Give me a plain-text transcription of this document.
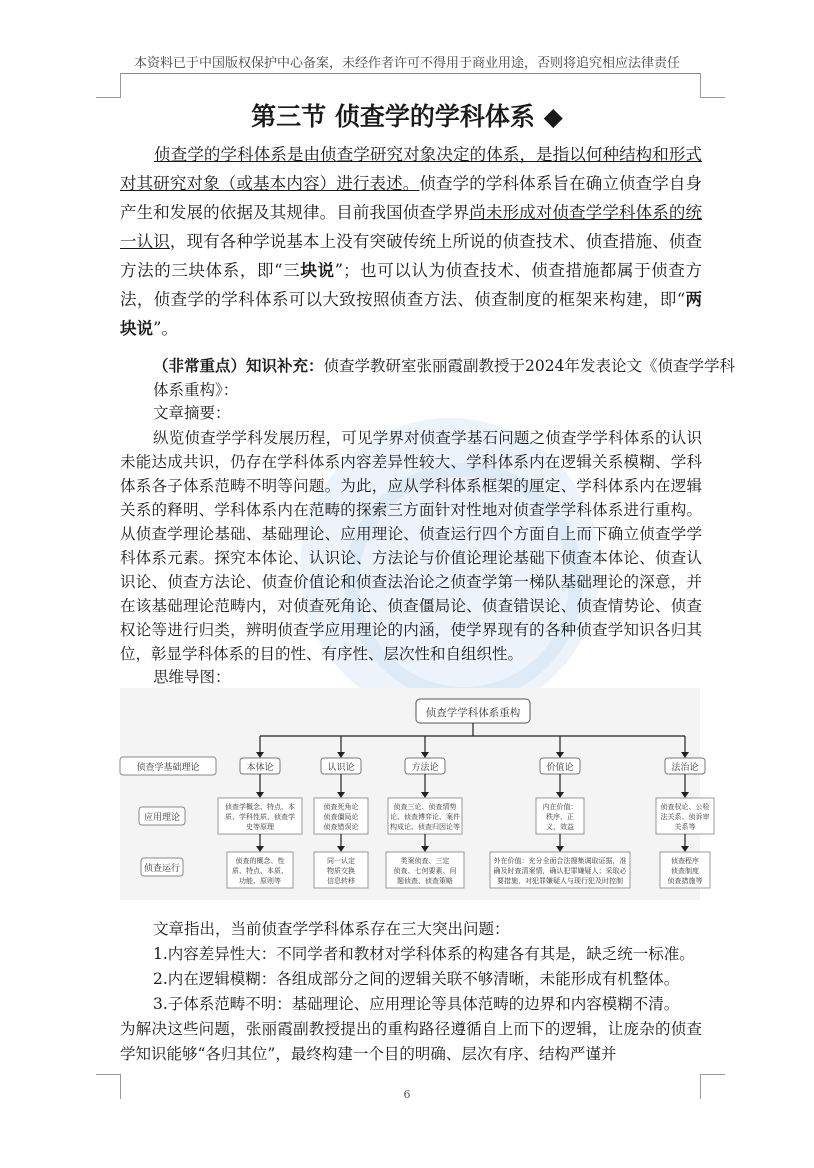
本资料已于中国版权保护中心备案，未经作者许可不得用于商业用途，否则将追究相应法律责任
第三节 侦查学的学科体系 ◆
侦查学的学科体系是由侦查学研究对象决定的体系，是指以何种结构和形式对其研究对象（或基本内容）进行表述。侦查学的学科体系旨在确立侦查学自身产生和发展的依据及其规律。目前我国侦查学界尚未形成对侦查学学科体系的统一认识，现有各种学说基本上没有突破传统上所说的侦查技术、侦查措施、侦查方法的三块体系，即“三块说”；也可以认为侦查技术、侦查措施都属于侦查方法，侦查学的学科体系可以大致按照侦查方法、侦查制度的框架来构建，即“两块说”。
（非常重点）知识补充：侦查学教研室张丽霞副教授于2024年发表论文《侦查学学科体系重构》：
文章摘要：
纵览侦查学学科发展历程，可见学界对侦查学基石问题之侦查学学科体系的认识未能达成共识，仍存在学科体系内容差异性较大、学科体系内在逻辑关系模糊、学科体系各子体系范畴不明等问题。为此，应从学科体系框架的厘定、学科体系内在逻辑关系的释明、学科体系内在范畴的探索三方面针对性地对侦查学学科体系进行重构。从侦查学理论基础、基础理论、应用理论、侦查运行四个方面自上而下确立侦查学学科体系元素。探究本体论、认识论、方法论与价值论理论基础下侦查本体论、侦查认识论、侦查方法论、侦查价值论和侦查法治论之侦查学第一梯队基础理论的深意，并在该基础理论范畴内，对侦查死角论、侦查僵局论、侦查错误论、侦查情势论、侦查权论等进行归类，辨明侦查学应用理论的内涵，使学界现有的各种侦查学知识各归其位，彰显学科体系的目的性、有序性、层次性和自组织性。
思维导图：
侦查学学科体系重构
侦查学基础理论
应用理论
侦查运行
本体论
侦查学概念、特点、本
质、学科性质、侦查学
史等原理
侦查的概念、性
质、特点、本质、
功能、原则等
认识论
侦查死角论
侦查僵局论
侦查错误论
同一认定
物质交换
信息转移
方法论
侦查三论、侦查情势
论、侦查博弈论、案件
构成论、侦查归因论等
类案侦查、三定
侦查、七何要素、问
题侦查、侦查策略
价值论
内在价值：
秩序、正
义、效益
外在价值：充分全面合法搜集调取证据，准
确及时查清案情，确认犯罪嫌疑人；采取必
要措施，对犯罪嫌疑人与现行犯及时控制
法治论
侦查权论、公检
法关系、侦诉审
关系等
侦查程序
侦查制度
侦查措施等
文章指出，当前侦查学学科体系存在三大突出问题：
1.内容差异性大：不同学者和教材对学科体系的构建各有其是，缺乏统一标准。
2.内在逻辑模糊：各组成部分之间的逻辑关联不够清晰，未能形成有机整体。
3.子体系范畴不明：基础理论、应用理论等具体范畴的边界和内容模糊不清。
为解决这些问题，张丽霞副教授提出的重构路径遵循自上而下的逻辑，让庞杂的侦查学知识能够“各归其位”，最终构建一个目的明确、层次有序、结构严谨并
6
